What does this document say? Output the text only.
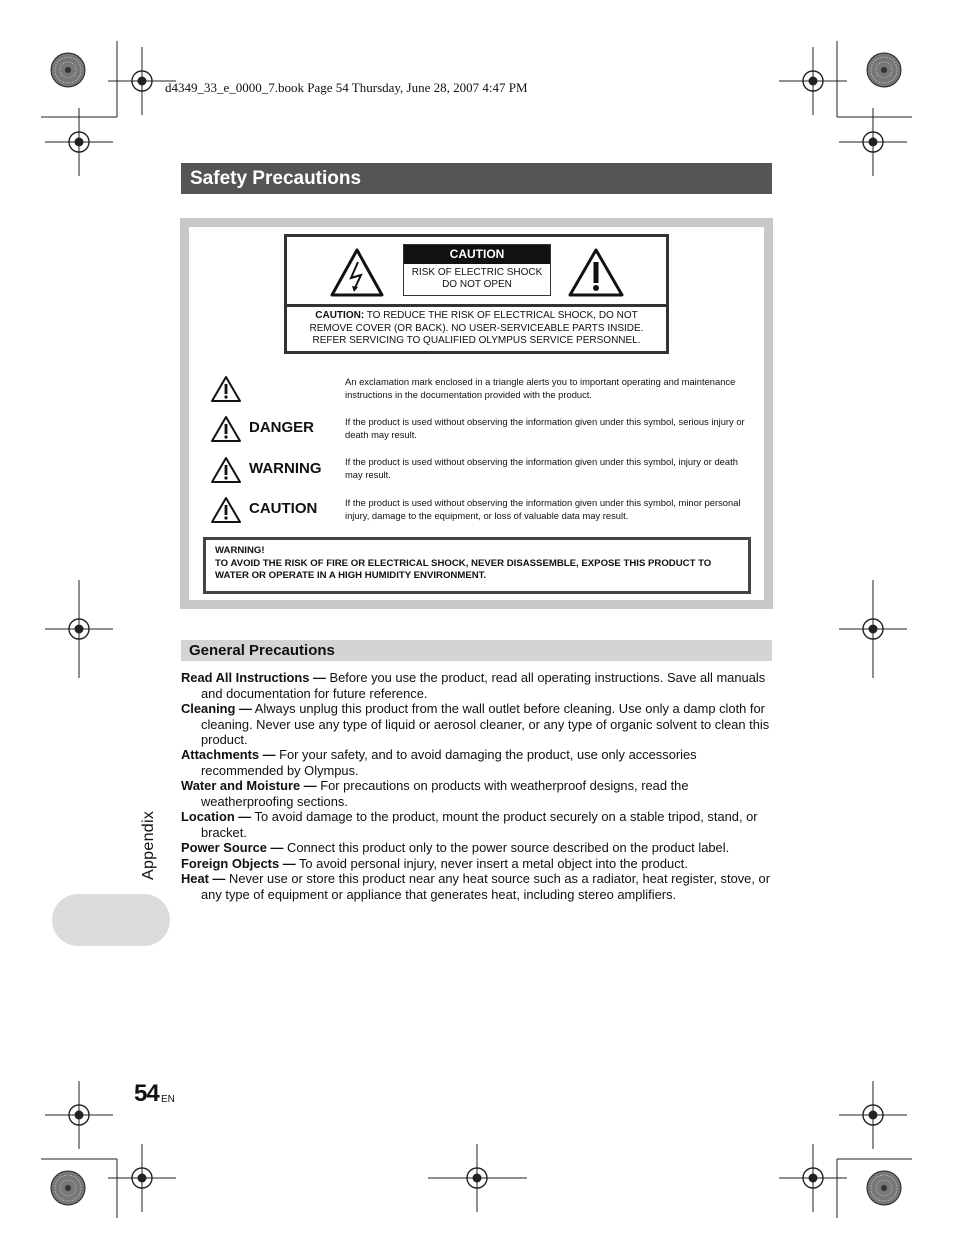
d4349_33_e_0000_7.book Page 54 Thursday, June 28, 2007 4:47 PM
Safety Precautions
CAUTION
RISK OF ELECTRIC SHOCK
DO NOT OPEN
CAUTION: TO REDUCE THE RISK OF ELECTRICAL SHOCK, DO NOT
REMOVE COVER (OR BACK). NO USER-SERVICEABLE PARTS INSIDE.
REFER SERVICING TO QUALIFIED OLYMPUS SERVICE PERSONNEL.
An exclamation mark enclosed in a triangle alerts you to important operating and maintenance instructions in the documentation provided with the product.
DANGER	If the product is used without observing the information given under this symbol, serious injury or death may result.
WARNING	If the product is used without observing the information given under this symbol, injury or death may result.
CAUTION	If the product is used without observing the information given under this symbol, minor personal injury, damage to the equipment, or loss of valuable data may result.
WARNING!
TO AVOID THE RISK OF FIRE OR ELECTRICAL SHOCK, NEVER DISASSEMBLE, EXPOSE THIS PRODUCT TO WATER OR OPERATE IN A HIGH HUMIDITY ENVIRONMENT.
General Precautions
Read All Instructions — Before you use the product, read all operating instructions. Save all manuals and documentation for future reference.
Cleaning — Always unplug this product from the wall outlet before cleaning. Use only a damp cloth for cleaning. Never use any type of liquid or aerosol cleaner, or any type of organic solvent to clean this product.
Attachments — For your safety, and to avoid damaging the product, use only accessories recommended by Olympus.
Water and Moisture — For precautions on products with weatherproof designs, read the weatherproofing sections.
Location — To avoid damage to the product, mount the product securely on a stable tripod, stand, or bracket.
Power Source — Connect this product only to the power source described on the product label.
Foreign Objects — To avoid personal injury, never insert a metal object into the product.
Heat — Never use or store this product near any heat source such as a radiator, heat register, stove, or any type of equipment or appliance that generates heat, including stereo amplifiers.
Appendix
54 EN
